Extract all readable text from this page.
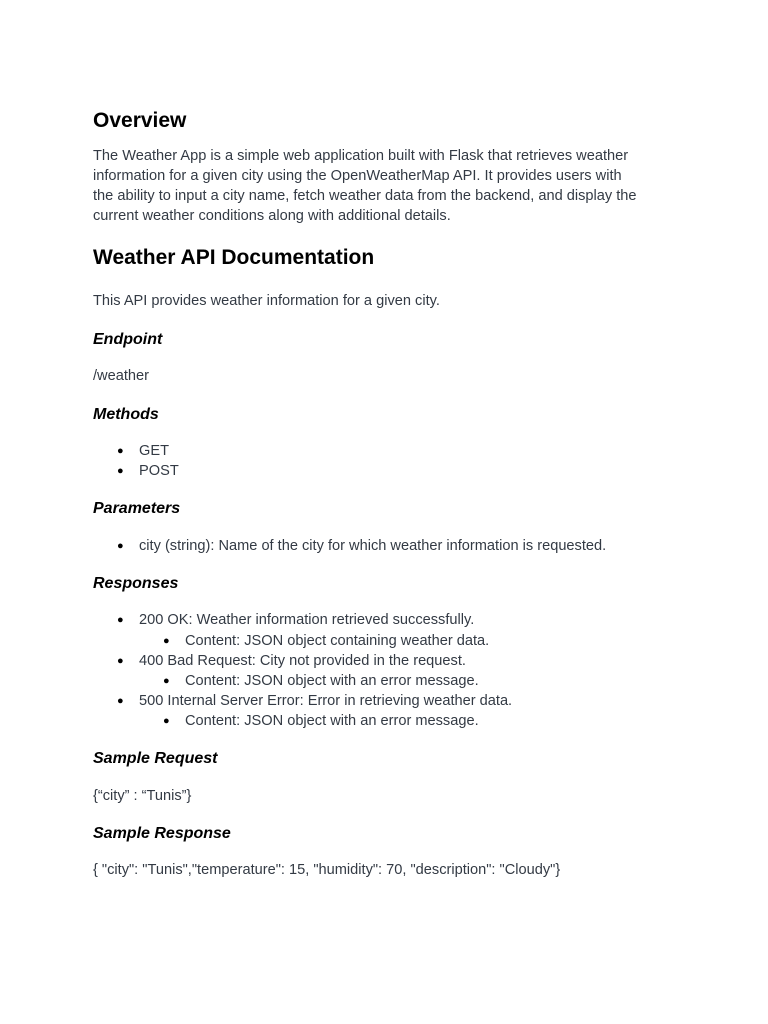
Overview
The Weather App is a simple web application built with Flask that retrieves weather
information for a given city using the OpenWeatherMap API. It provides users with
the ability to input a city name, fetch weather data from the backend, and display the
current weather conditions along with additional details.
Weather API Documentation
This API provides weather information for a given city.
Endpoint
/weather
Methods
● GET
● POST
Parameters
● city (string): Name of the city for which weather information is requested.
Responses
● 200 OK: Weather information retrieved successfully.
● Content: JSON object containing weather data.
● 400 Bad Request: City not provided in the request.
● Content: JSON object with an error message.
● 500 Internal Server Error: Error in retrieving weather data.
● Content: JSON object with an error message.
Sample Request
{“city” : “Tunis”}
Sample Response
{ "city": "Tunis","temperature": 15, "humidity": 70, "description": "Cloudy"}
